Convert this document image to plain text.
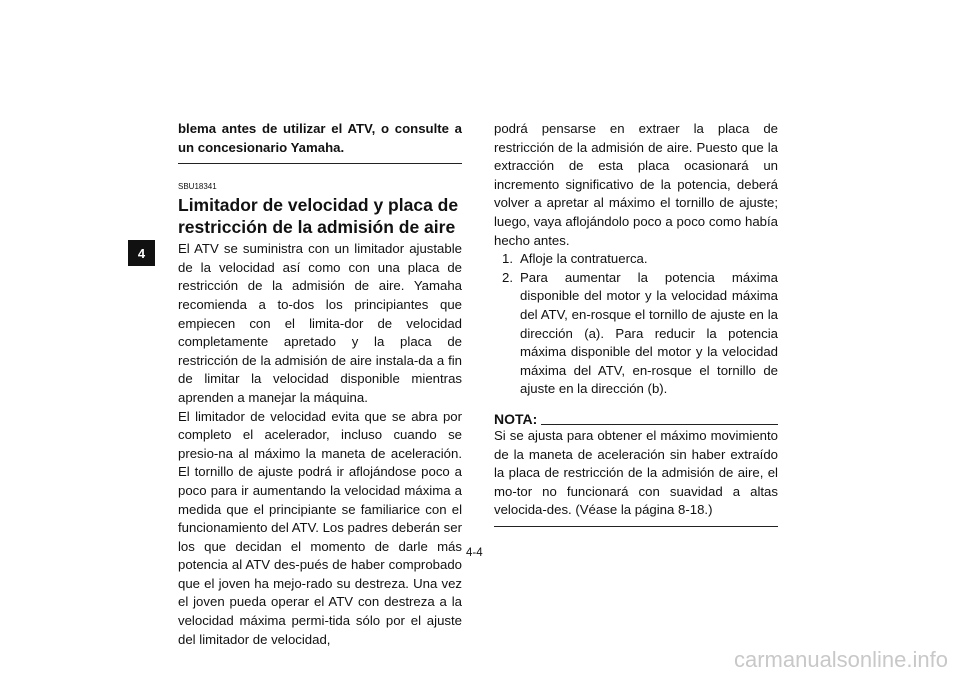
4

blema antes de utilizar el ATV, o consulte a un concesionario Yamaha.

SBU18341
Limitador de velocidad y placa de restricción de la admisión de aire

El ATV se suministra con un limitador ajustable de la velocidad así como con una placa de restricción de la admisión de aire. Yamaha recomienda a to-dos los principiantes que empiecen con el limita-dor de velocidad completamente apretado y la placa de restricción de la admisión de aire instala-da a fin de limitar la velocidad disponible mientras aprenden a manejar la máquina.

El limitador de velocidad evita que se abra por completo el acelerador, incluso cuando se presio-na al máximo la maneta de aceleración. El tornillo de ajuste podrá ir aflojándose poco a poco para ir aumentando la velocidad máxima a medida que el principiante se familiarice con el funcionamiento del ATV. Los padres deberán ser los que decidan el momento de darle más potencia al ATV des-pués de haber comprobado que el joven ha mejo-rado su destreza. Una vez el joven pueda operar el ATV con destreza a la velocidad máxima permi-tida sólo por el ajuste del limitador de velocidad,

podrá pensarse en extraer la placa de restricción de la admisión de aire. Puesto que la extracción de esta placa ocasionará un incremento significativo de la potencia, deberá volver a apretar al máximo el tornillo de ajuste; luego, vaya aflojándolo poco a poco como había hecho antes.

1. Afloje la contratuerca.
2. Para aumentar la potencia máxima disponible del motor y la velocidad máxima del ATV, en-rosque el tornillo de ajuste en la dirección (a). Para reducir la potencia máxima disponible del motor y la velocidad máxima del ATV, en-rosque el tornillo de ajuste en la dirección (b).
NOTA:

Si se ajusta para obtener el máximo movimiento de la maneta de aceleración sin haber extraído la placa de restricción de la admisión de aire, el mo-tor no funcionará con suavidad a altas velocida-des. (Véase la página 8-18.)

4-4
carmanualsonline.info
